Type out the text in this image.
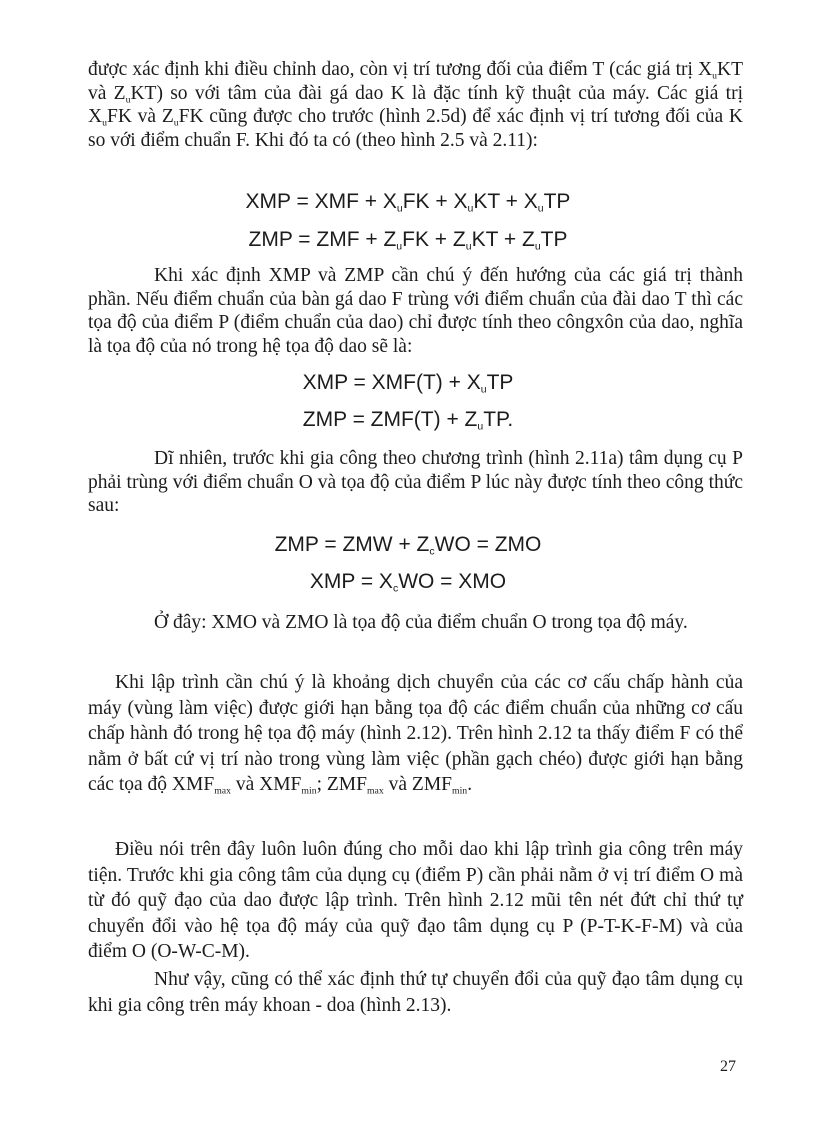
được xác định khi điều chỉnh dao, còn vị trí tương đối của điểm T (các giá trị $X_uKT$ và $Z_uKT$) so với tâm của đài gá dao K là đặc tính kỹ thuật của máy. Các giá trị $X_uFK$ và $Z_uFK$ cũng được cho trước (hình 2.5d) để xác định vị trí tương đối của K so với điểm chuẩn F. Khi đó ta có (theo hình 2.5 và 2.11):
XMP = XMF + $X_uFK + X_uKT + X_uTP$
ZMP = ZMF + $Z_uFK + Z_uKT + Z_uTP$
Khi xác định XMP và ZMP cần chú ý đến hướng của các giá trị thành phần. Nếu điểm chuẩn của bàn gá dao F trùng với điểm chuẩn của đài dao T thì các tọa độ của điểm P (điểm chuẩn của dao) chỉ được tính theo côngxôn của dao, nghĩa là tọa độ của nó trong hệ tọa độ dao sẽ là:
XMP = $XMF(T) + X_uTP$
ZMP = $ZMF(T) + Z_uTP$.
Dĩ nhiên, trước khi gia công theo chương trình (hình 2.11a) tâm dụng cụ P phải trùng với điểm chuẩn O và tọa độ của điểm P lúc này được tính theo công thức sau:
ZMP = ZMW + $Z_cWO$ = ZMO
XMP = $X_cWO$ = XMO
Ở đây: XMO và ZMO là tọa độ của điểm chuẩn O trong tọa độ máy.
Khi lập trình cần chú ý là khoảng dịch chuyển của các cơ cấu chấp hành của máy (vùng làm việc) được giới hạn bằng tọa độ các điểm chuẩn của những cơ cấu chấp hành đó trong hệ tọa độ máy (hình 2.12). Trên hình 2.12 ta thấy điểm F có thể nằm ở bất cứ vị trí nào trong vùng làm việc (phần gạch chéo) được giới hạn bằng các tọa độ $XMF_{max}$ và $XMF_{min}$; $ZMF_{max}$ và $ZMF_{min}$.
Điều nói trên đây luôn luôn đúng cho mỗi dao khi lập trình gia công trên máy tiện. Trước khi gia công tâm của dụng cụ (điểm P) cần phải nằm ở vị trí điểm O mà từ đó quỹ đạo của dao được lập trình. Trên hình 2.12 mũi tên nét đứt chỉ thứ tự chuyển đổi vào hệ tọa độ máy của quỹ đạo tâm dụng cụ P (P-T-K-F-M) và của điểm O (O-W-C-M).
Như vậy, cũng có thể xác định thứ tự chuyển đổi của quỹ đạo tâm dụng cụ khi gia công trên máy khoan - doa (hình 2.13).
27
